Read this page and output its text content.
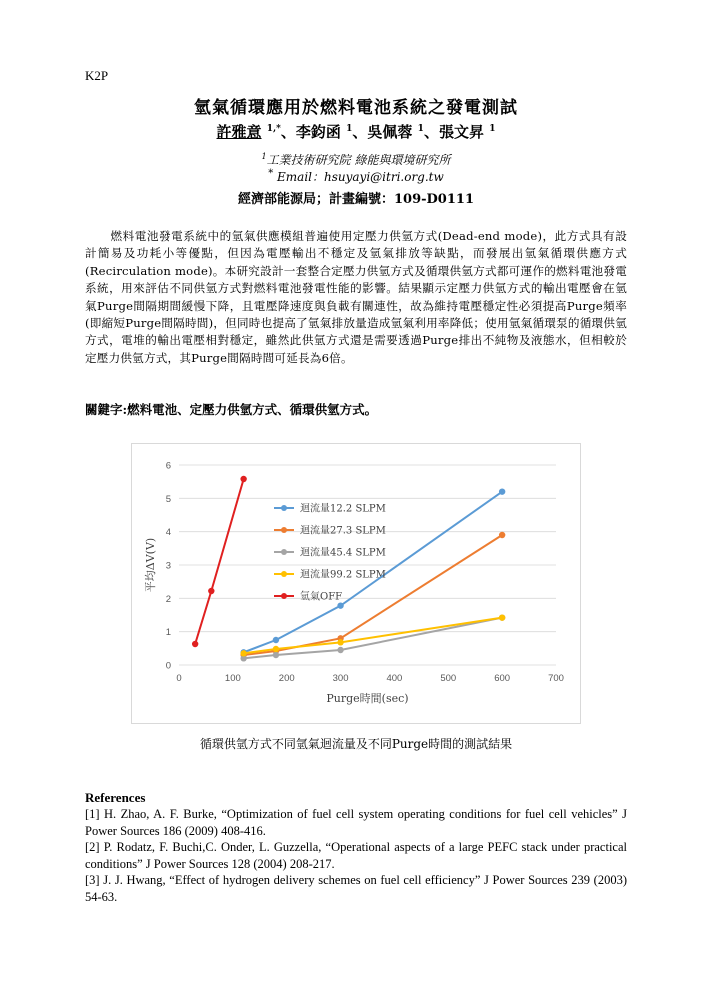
K2P
氫氣循環應用於燃料電池系統之發電測試
許雅意 $^{1,*}$、李鈞函 $^1$、吳佩蓉 $^1$、張文昇 $^1$
$^1$工業技術研究院 綠能與環境研究所
* Email：hsuyayi@itri.org.tw
經濟部能源局；計畫編號：109-D0111
燃料電池發電系統中的氫氣供應模組普遍使用定壓力供氫方式(Dead-end mode)，此方式具有設計簡易及功耗小等優點，但因為電壓輸出不穩定及氫氣排放等缺點，而發展出氫氣循環供應方式(Recirculation mode)。本研究設計一套整合定壓力供氫方式及循環供氫方式都可運作的燃料電池發電系統，用來評估不同供氫方式對燃料電池發電性能的影響。結果顯示定壓力供氫方式的輸出電壓會在氫氣Purge間隔期間緩慢下降，且電壓降速度與負載有關連性，故為維持電壓穩定性必須提高Purge頻率(即縮短Purge間隔時間)，但同時也提高了氫氣排放量造成氫氣利用率降低；使用氫氣循環泵的循環供氫方式，電堆的輸出電壓相對穩定，雖然此供氫方式還是需要透過Purge排出不純物及液態水，但相較於定壓力供氫方式，其Purge間隔時間可延長為6倍。
關鍵字:燃料電池、定壓力供氫方式、循環供氫方式。
0
1
2
3
4
5
6
0	100	200	300	400	500	600	700
Purge時間(sec)
平均ΔV(V)
迴流量12.2 SLPM
迴流量27.3 SLPM
迴流量45.4 SLPM
迴流量99.2 SLPM
氫氣OFF
循環供氫方式不同氫氣迴流量及不同Purge時間的測試結果
References
[1] H. Zhao, A. F. Burke, “Optimization of fuel cell system operating conditions for fuel cell vehicles” J Power Sources 186 (2009) 408-416.
[2] P. Rodatz, F. Buchi,C. Onder, L. Guzzella, “Operational aspects of a large PEFC stack under practical conditions” J Power Sources 128 (2004) 208-217.
[3] J. J. Hwang, “Effect of hydrogen delivery schemes on fuel cell efficiency” J Power Sources 239 (2003) 54-63.
